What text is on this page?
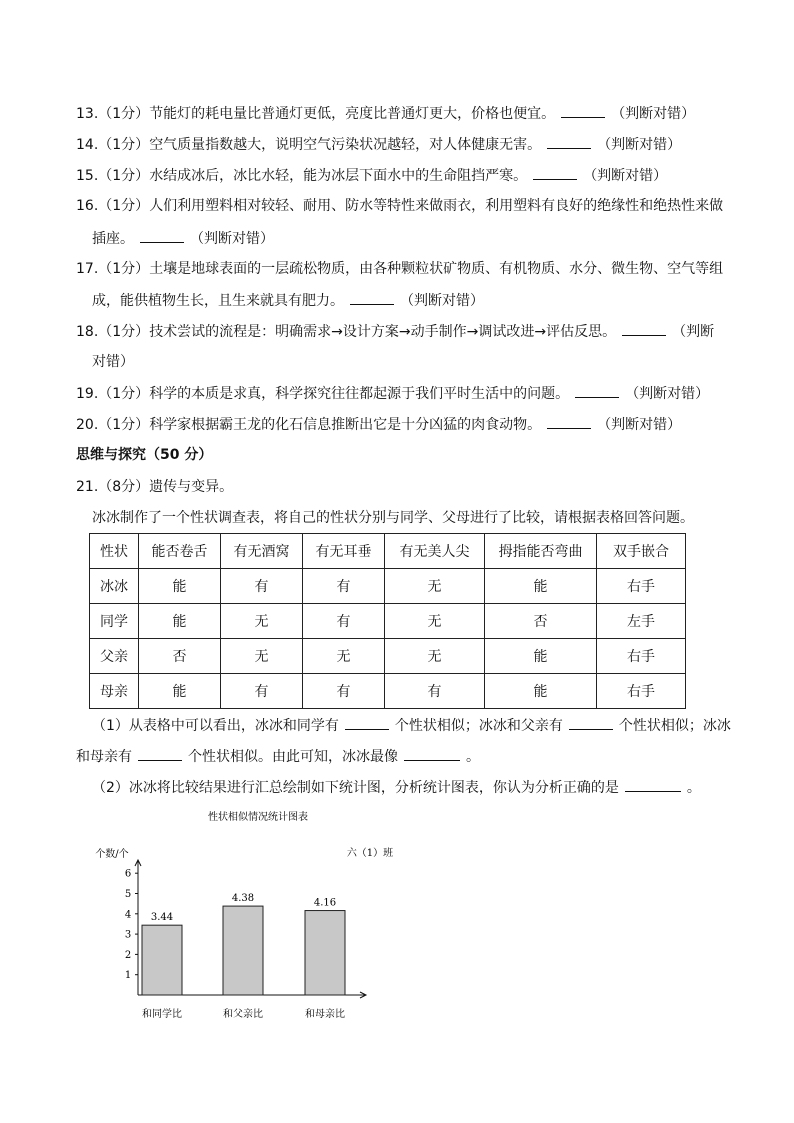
13.（1分）节能灯的耗电量比普通灯更低，亮度比普通灯更大，价格也便宜。	（判断对错）
14.（1分）空气质量指数越大，说明空气污染状况越轻，对人体健康无害。	（判断对错）
15.（1分）水结成冰后，冰比水轻，能为冰层下面水中的生命阻挡严寒。	（判断对错）
16.（1分）人们利用塑料相对较轻、耐用、防水等特性来做雨衣，利用塑料有良好的绝缘性和绝热性来做
插座。	（判断对错）
17.（1分）土壤是地球表面的一层疏松物质，由各种颗粒状矿物质、有机物质、水分、微生物、空气等组
成，能供植物生长，且生来就具有肥力。	（判断对错）
18.（1分）技术尝试的流程是：明确需求→设计方案→动手制作→调试改进→评估反思。	（判断
对错）
19.（1分）科学的本质是求真，科学探究往往都起源于我们平时生活中的问题。	（判断对错）
20.（1分）科学家根据霸王龙的化石信息推断出它是十分凶猛的肉食动物。	（判断对错）
思维与探究（50 分）
21.（8分）遗传与变异。
冰冰制作了一个性状调查表，将自己的性状分别与同学、父母进行了比较，请根据表格回答问题。
性状	能否卷舌	有无酒窝	有无耳垂	有无美人尖	拇指能否弯曲	双手嵌合
冰冰	能	有	有	无	能	右手
同学	能	无	有	无	否	左手
父亲	否	无	无	无	能	右手
母亲	能	有	有	有	能	右手
（1）从表格中可以看出，冰冰和同学有	个性状相似；冰冰和父亲有	个性状相似；冰冰
和母亲有	个性状相似。由此可知，冰冰最像	。
（2）冰冰将比较结果进行汇总绘制如下统计图，分析统计图表，你认为分析正确的是	。
性状相似情况统计图表
六（1）班
个数/个
1
2
3
4
5
6
3.44
和同学比
4.38
和父亲比
4.16
和母亲比
